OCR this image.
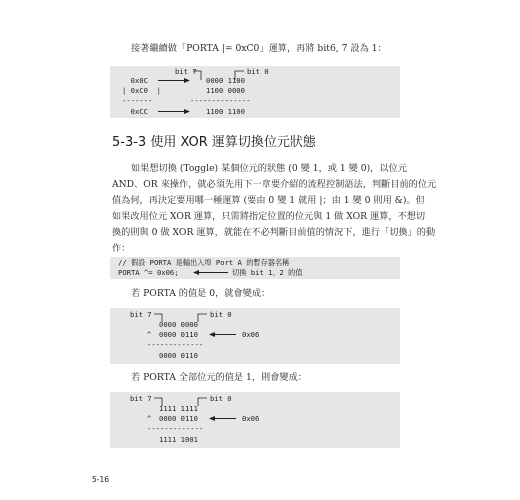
接著繼續做「PORTA |= 0xC0」運算，再將 bit6, 7 設為 1：
bit 7	bit 0
0x0C	0000 1100
| 0xC0  |	1100 0000
-------	--------------
0xCC	1100 1100
5-3-3 使用 XOR 運算切換位元狀態
如果想切換 (Toggle) 某個位元的狀態 (0 變 1，或 1 變 0)，以位元
AND、OR 來操作，就必須先用下一章要介紹的流程控制語法，判斷目前的位元
值為何，再決定要用哪一種運算 (要由 0 變 1 就用 |；由 1 變 0 則用 &)。但
如果改用位元 XOR 運算，只需將指定位置的位元與 1 做 XOR 運算，不想切
換的則與 0 做 XOR 運算，就能在不必判斷目前值的情況下，進行「切換」的動
作：
// 假設 PORTA 是輸出入埠 Port A 的暫存器名稱
PORTA ^= 0x06;	切換 bit 1、2 的值
若 PORTA 的值是 0，就會變成：
bit 7	bit 0
0000 0000
^ 0000 0110	0x06
-------------
0000 0110
若 PORTA 全部位元的值是 1，則會變成：
bit 7	bit 0
1111 1111
^ 0000 0110	0x06
-------------
1111 1001
5-16
